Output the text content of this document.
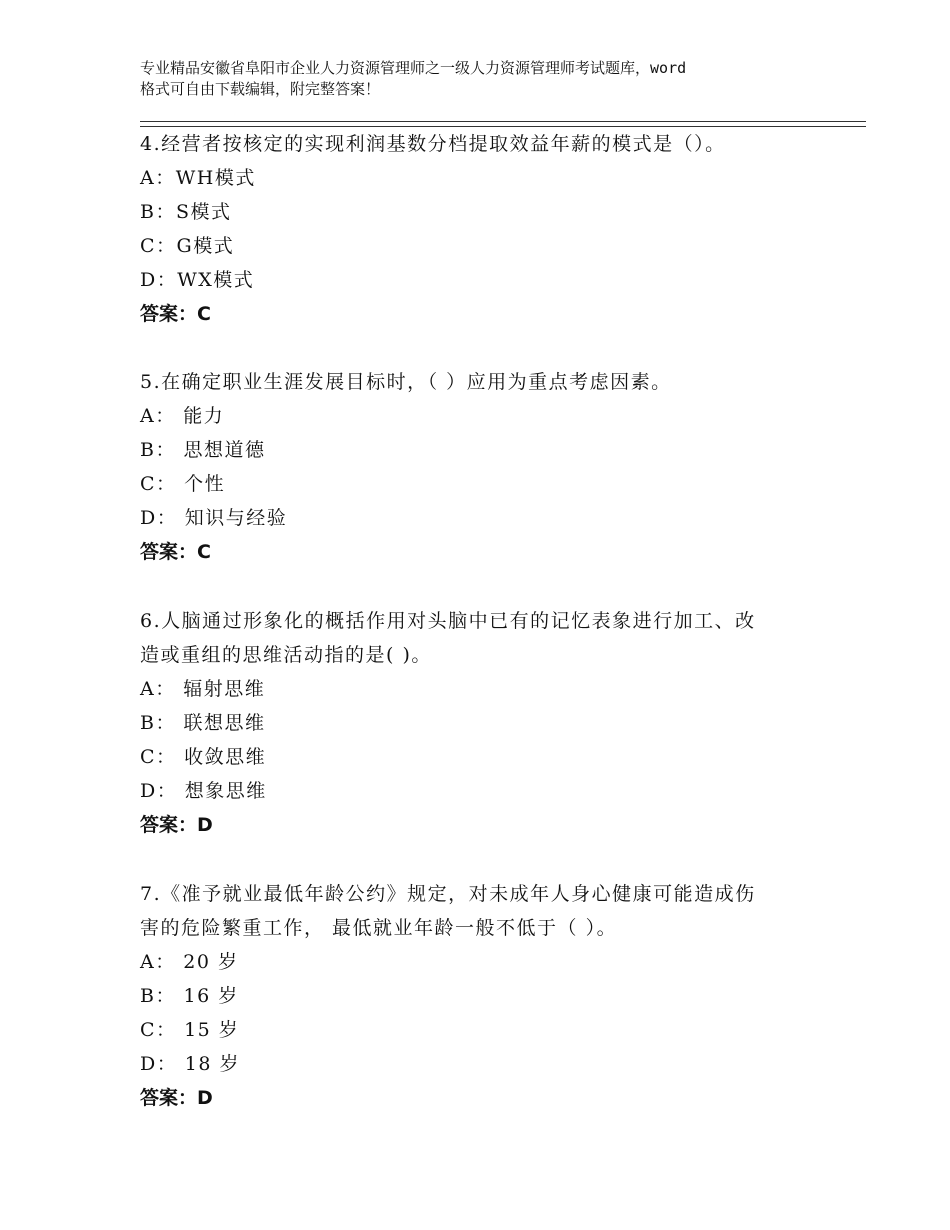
专业精品安徽省阜阳市企业人力资源管理师之一级人力资源管理师考试题库，word
格式可自由下载编辑，附完整答案！

4.经营者按核定的实现利润基数分档提取效益年薪的模式是（）。

A：WH模式

B：S模式

C：G模式

D：WX模式

答案：C

5.在确定职业生涯发展目标时，（ ）应用为重点考虑因素。

A： 能力

B： 思想道德

C： 个性

D： 知识与经验

答案：C

6.人脑通过形象化的概括作用对头脑中已有的记忆表象进行加工、改

造或重组的思维活动指的是( )。

A： 辐射思维

B： 联想思维

C： 收敛思维

D： 想象思维

答案：D

7.《准予就业最低年龄公约》规定，对未成年人身心健康可能造成伤

害的危险繁重工作， 最低就业年龄一般不低于（ ）。

A： 20 岁

B： 16 岁

C： 15 岁

D： 18 岁

答案：D
